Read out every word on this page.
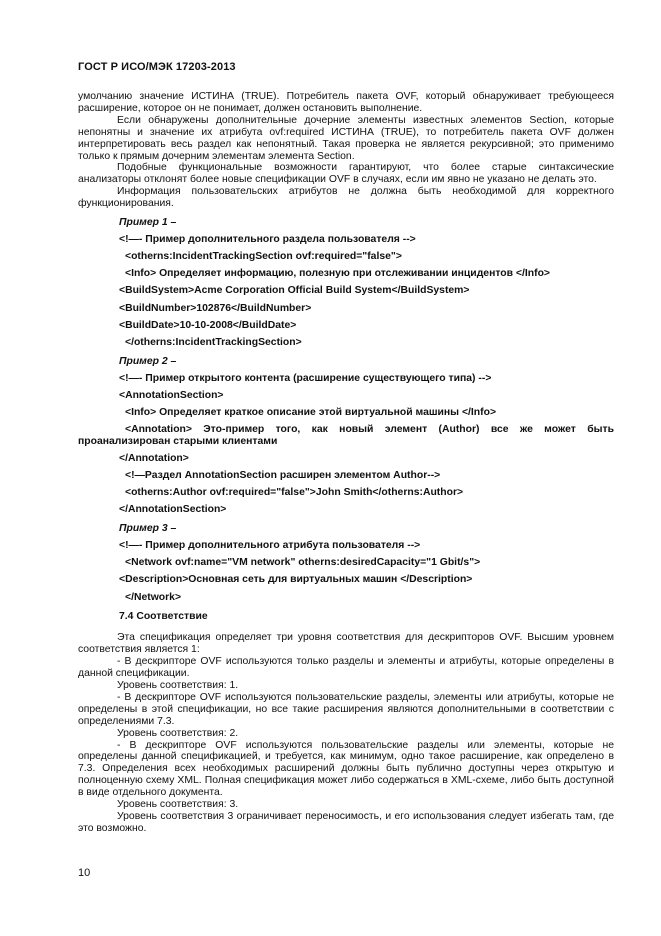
ГОСТ Р ИСО/МЭК 17203-2013

умолчанию значение ИСТИНА (TRUE). Потребитель пакета OVF, который обнаруживает требующееся расширение, которое он не понимает, должен остановить выполнение.

Если обнаружены дополнительные дочерние элементы известных элементов Section, которые непонятны и значение их атрибута ovf:required ИСТИНА (TRUE), то потребитель пакета OVF должен интерпретировать весь раздел как непонятный. Такая проверка не является рекурсивной; это применимо только к прямым дочерним элементам элемента Section.

Подобные функциональные возможности гарантируют, что более старые синтаксические анализаторы отклонят более новые спецификации OVF в случаях, если им явно не указано не делать это.

Информация пользовательских атрибутов не должна быть необходимой для корректного функционирования.

Пример 1 –

<!—- Пример дополнительного раздела пользователя -->

<otherns:IncidentTrackingSection ovf:required="false">

<Info> Определяет информацию, полезную при отслеживании инцидентов </Info>

<BuildSystem>Acme Corporation Official Build System</BuildSystem>

<BuildNumber>102876</BuildNumber>

<BuildDate>10-10-2008</BuildDate>

</otherns:IncidentTrackingSection>

Пример 2 –

<!—- Пример открытого контента (расширение существующего типа) -->

<AnnotationSection>

<Info> Определяет краткое описание этой виртуальной машины </Info>

<Annotation> Это-пример того, как новый элемент (Author) все же может быть проанализирован старыми клиентами

</Annotation>

<!—Раздел AnnotationSection расширен элементом Author-->

<otherns:Author ovf:required="false">John Smith</otherns:Author>

</AnnotationSection>

Пример 3 –

<!—- Пример дополнительного атрибута пользователя -->

<Network ovf:name="VM network" otherns:desiredCapacity="1 Gbit/s">

<Description>Основная сеть для виртуальных машин </Description>

</Network>

7.4 Соответствие

Эта спецификация определяет три уровня соответствия для дескрипторов OVF. Высшим уровнем соответствия является 1:

- В дескрипторе OVF используются только разделы и элементы и атрибуты, которые определены в данной спецификации.

Уровень соответствия: 1.

- В дескрипторе OVF используются пользовательские разделы, элементы или атрибуты, которые не определены в этой спецификации, но все такие расширения являются дополнительными в соответствии с определениями 7.3.

Уровень соответствия: 2.

- В дескрипторе OVF используются пользовательские разделы или элементы, которые не определены данной спецификацией, и требуется, как минимум, одно такое расширение, как определено в 7.3. Определения всех необходимых расширений должны быть публично доступны через открытую и полноценную схему XML. Полная спецификация может либо содержаться в XML-схеме, либо быть доступной в виде отдельного документа.

Уровень соответствия: 3.

Уровень соответствия 3 ограничивает переносимость, и его использования следует избегать там, где это возможно.

10
